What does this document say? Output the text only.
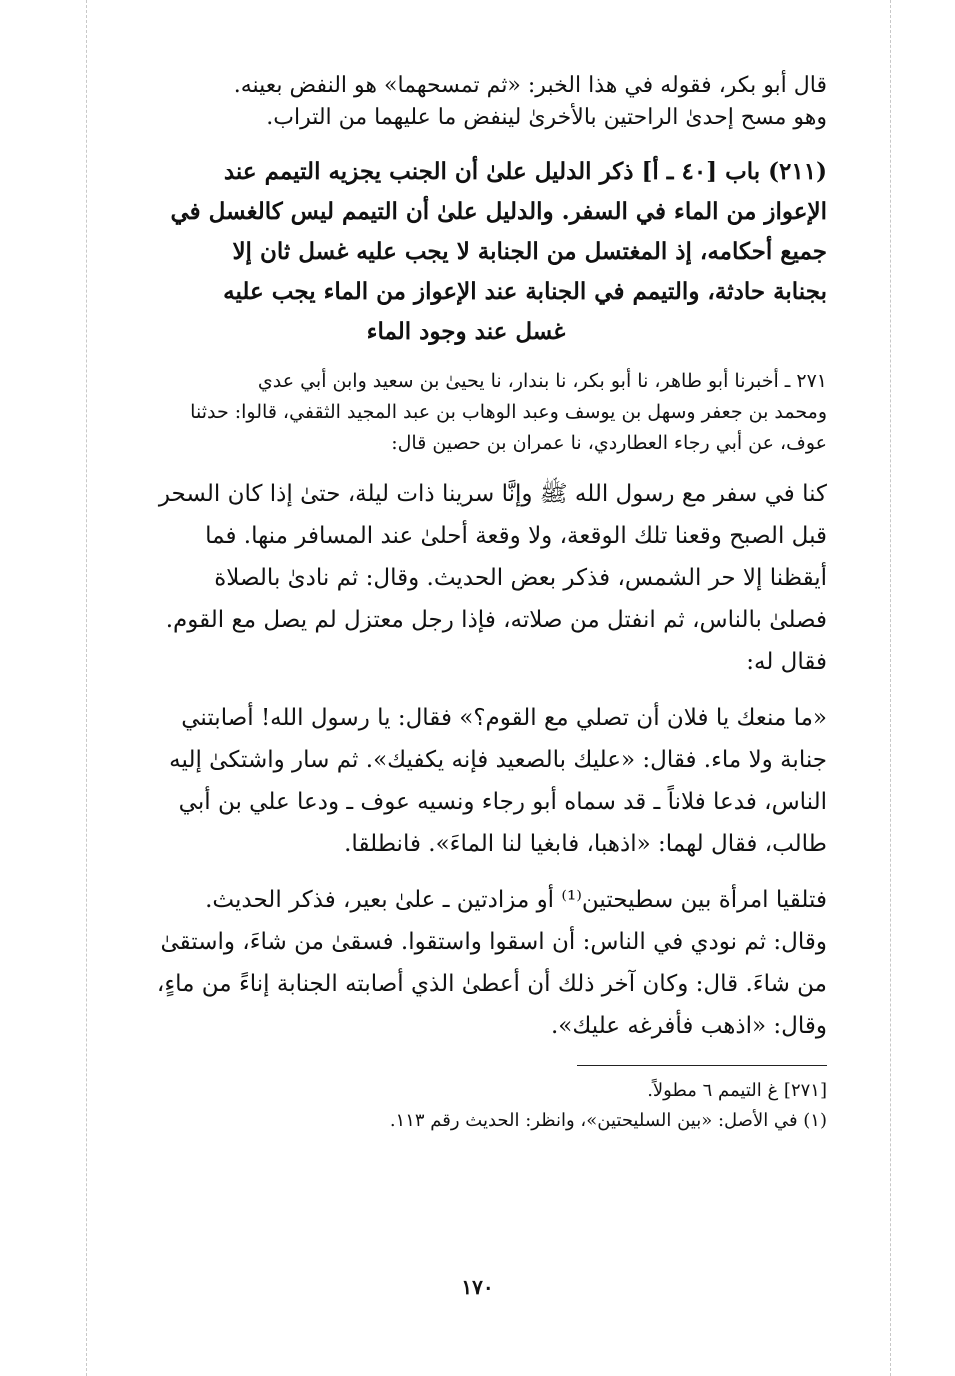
قال أبو بكر، فقوله في هذا الخبر: «ثم تمسحهما» هو النفض بعينه.
وهو مسح إحدىٰ الراحتين بالأخرىٰ لينفض ما عليهما من التراب.
(٢١١) باب [٤٠ ـ أ] ذكر الدليل علىٰ أن الجنب يجزيه التيمم عند
الإعواز من الماء في السفر. والدليل علىٰ أن التيمم ليس كالغسل في
جميع أحكامه، إذ المغتسل من الجنابة لا يجب عليه غسل ثان إلا
بجنابة حادثة، والتيمم في الجنابة عند الإعواز من الماء يجب عليه
غسل عند وجود الماء
٢٧١ ـ أخبرنا أبو طاهر، نا أبو بكر، نا بندار، نا يحيىٰ بن سعيد وابن أبي عدي
ومحمد بن جعفر وسهل بن يوسف وعبد الوهاب بن عبد المجيد الثقفي، قالوا: حدثنا
عوف، عن أبي رجاء العطاردي، نا عمران بن حصين قال:
كنا في سفر مع رسول الله ﷺ وإنَّا سرينا ذات ليلة، حتىٰ إذا كان السحر
قبل الصبح وقعنا تلك الوقعة، ولا وقعة أحلىٰ عند المسافر منها. فما
أيقظنا إلا حر الشمس، فذكر بعض الحديث. وقال: ثم نادىٰ بالصلاة
فصلىٰ بالناس، ثم انفتل من صلاته، فإذا رجل معتزل لم يصل مع القوم.
فقال له:
«ما منعك يا فلان أن تصلي مع القوم؟» فقال: يا رسول الله! أصابتني
جنابة ولا ماء. فقال: «عليك بالصعيد فإنه يكفيك». ثم سار واشتكىٰ إليه
الناس، فدعا فلاناً ـ قد سماه أبو رجاء ونسيه عوف ـ ودعا علي بن أبي
طالب، فقال لهما: «اذهبا، فابغيا لنا الماءَ». فانطلقا.
فتلقيا امرأة بين سطيحتين⁽¹⁾ أو مزادتين ـ علىٰ بعير، فذكر الحديث.
وقال: ثم نودي في الناس: أن اسقوا واستقوا. فسقىٰ من شاءَ، واستقىٰ
من شاءَ. قال: وكان آخر ذلك أن أعطىٰ الذي أصابته الجنابة إناءً من ماءٍ،
وقال: «اذهب فأفرغه عليك».
[٢٧١] غ التيمم ٦ مطولاً.
(١) في الأصل: «بين السليحتين»، وانظر: الحديث رقم ١١٣.
١٧٠
